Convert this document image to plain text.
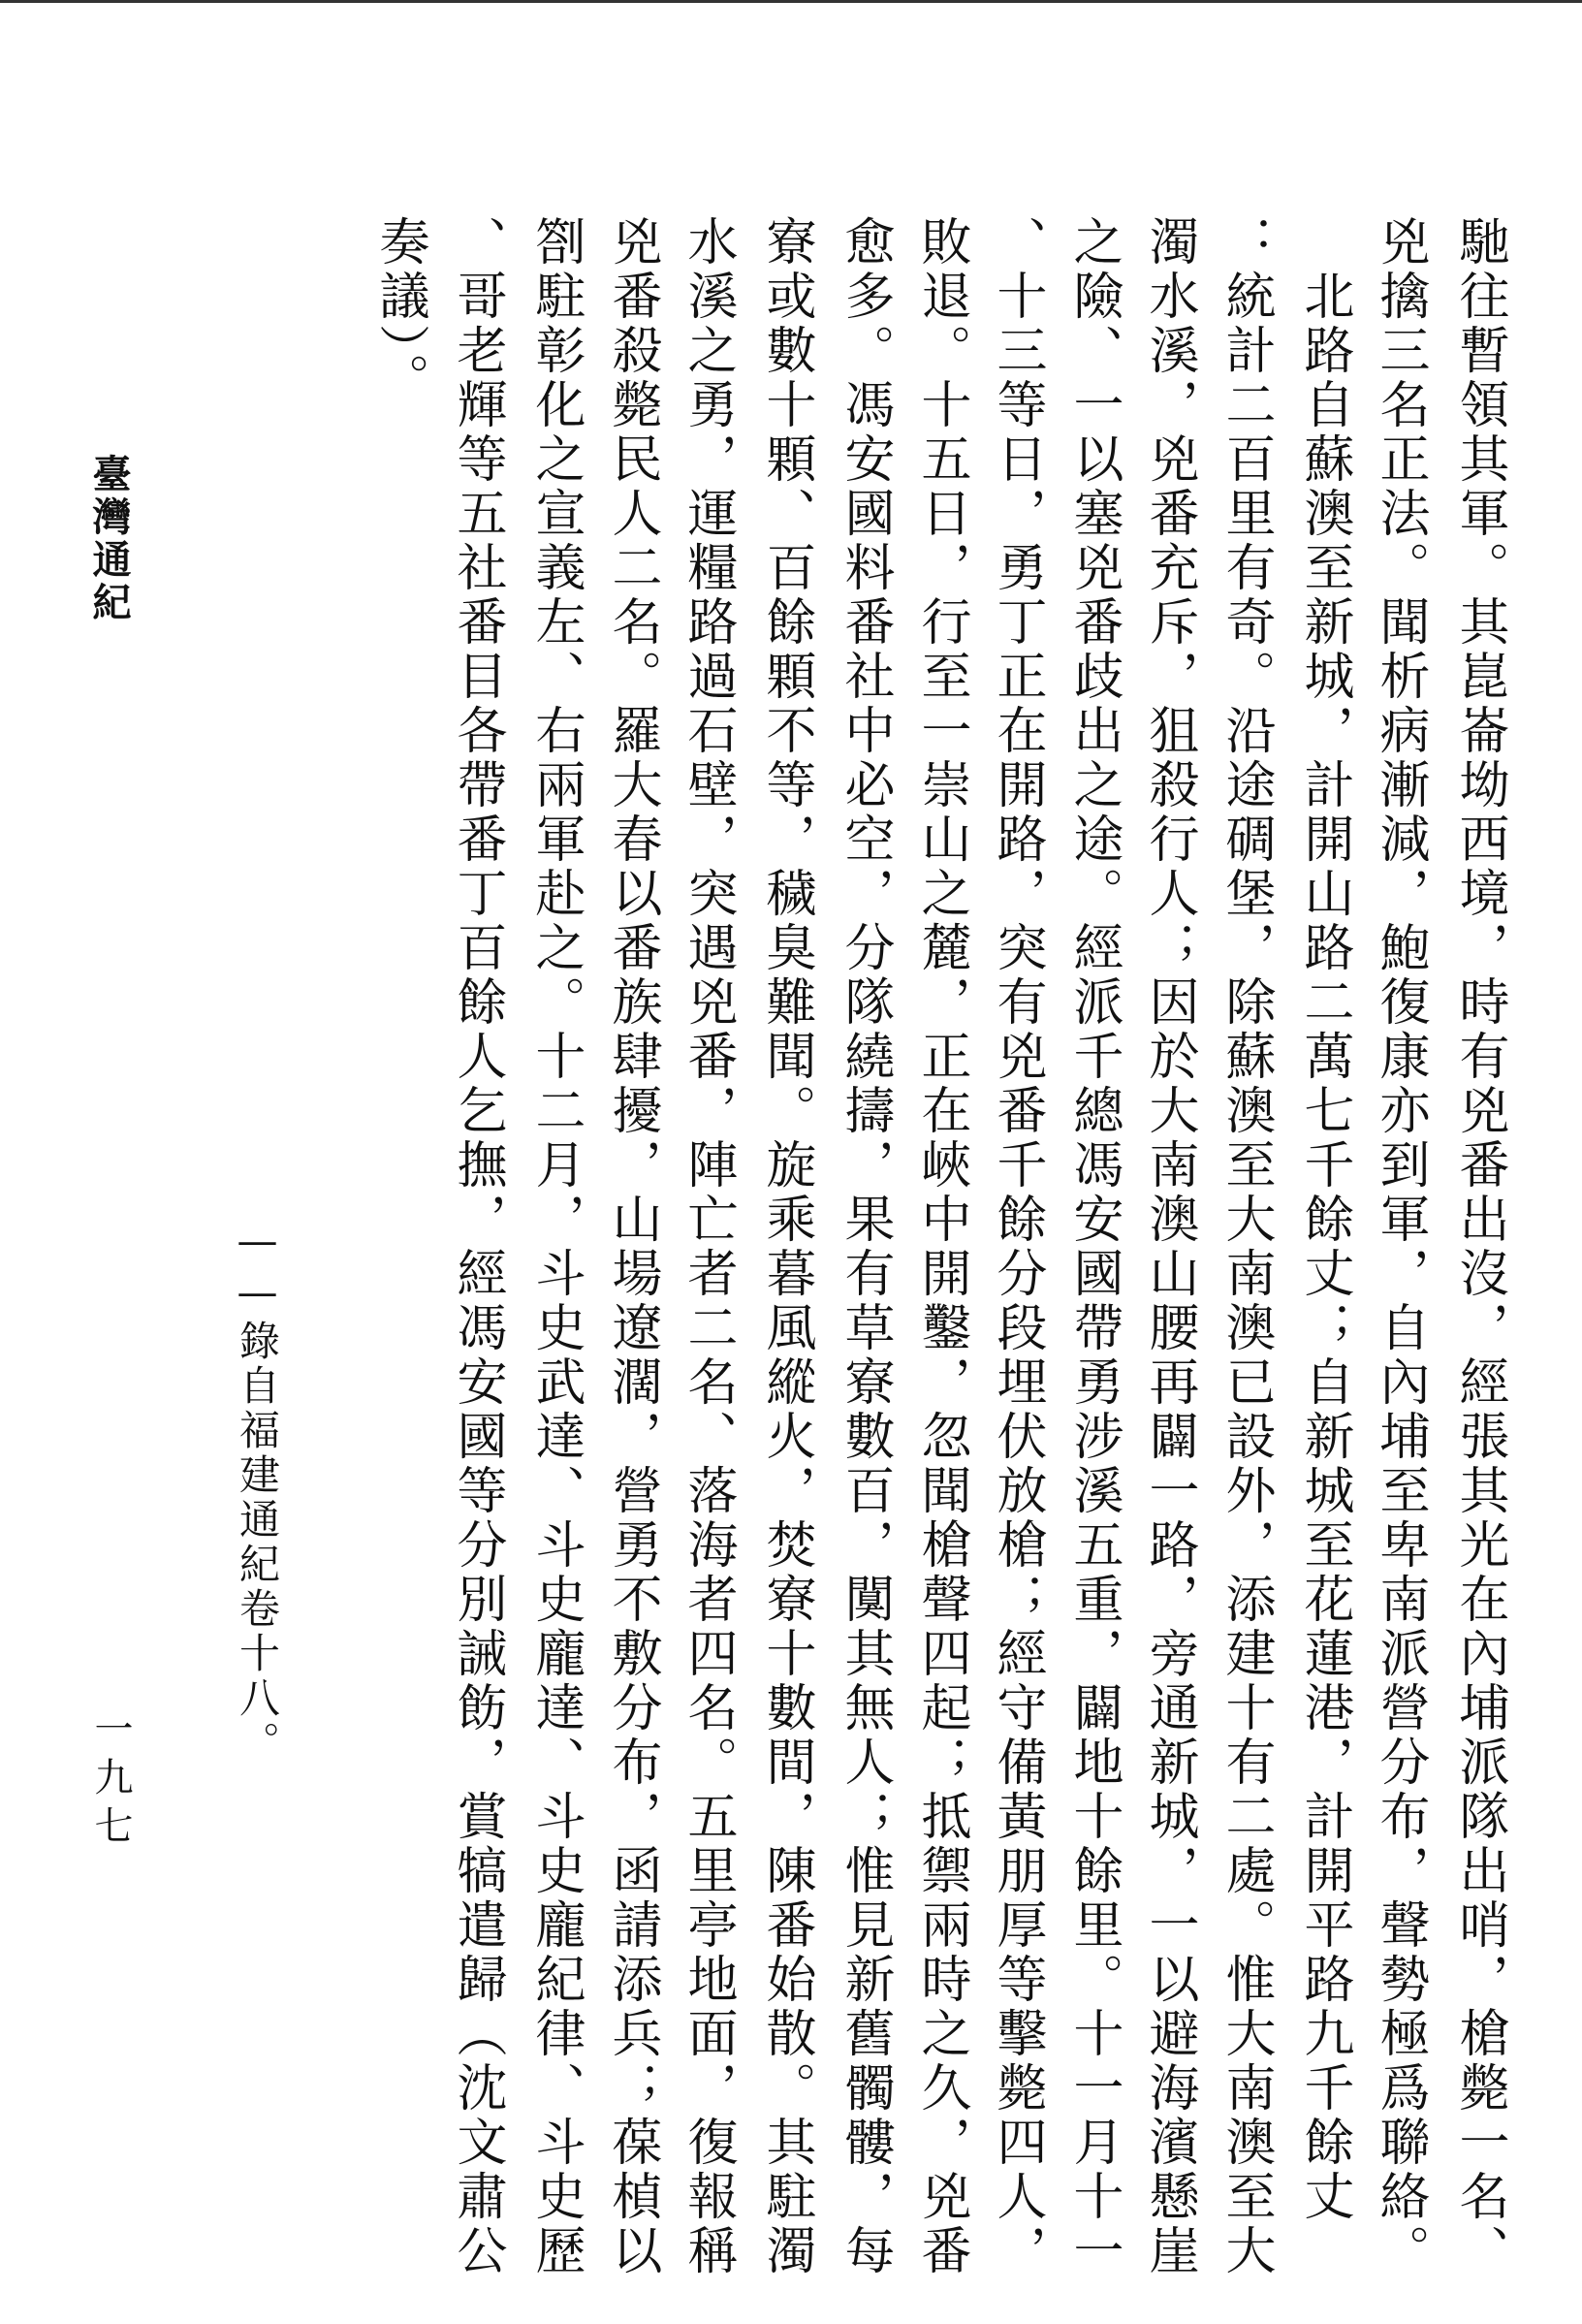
臺灣通紀
一九七	馳往暫領其軍。其崑崙坳西境，時有兇番出沒，經張其光在內埔派隊出哨，槍斃一名、
兇擒三名正法。聞析病漸減，鮑復康亦到軍，自內埔至卑南派營分布，聲勢極爲聯絡。
　北路自蘇澳至新城，計開山路二萬七千餘丈；自新城至花蓮港，計開平路九千餘丈
：統計二百里有奇。沿途碉堡，除蘇澳至大南澳已設外，添建十有二處。惟大南澳至大
濁水溪，兇番充斥，狙殺行人；因於大南澳山腰再闢一路，旁通新城，一以避海濱懸崖
之險、一以塞兇番歧出之途。經派千總馮安國帶勇涉溪五重，闢地十餘里。十一月十一
、十三等日，勇丁正在開路，突有兇番千餘分段埋伏放槍；經守備黃朋厚等擊斃四人，
敗退。十五日，行至一崇山之麓，正在峽中開鑿，忽聞槍聲四起；抵禦兩時之久，兇番
愈多。馮安國料番社中必空，分隊繞擣，果有草寮數百，闃其無人；惟見新舊髑髏，每
寮或數十顆、百餘顆不等，穢臭難聞。旋乘暮風縱火，焚寮十數間，陳番始散。其駐濁
水溪之勇，運糧路過石壁，突遇兇番，陣亡者二名、落海者四名。五里亭地面，復報稱
兇番殺斃民人二名。羅大春以番族肆擾，山場遼濶，營勇不敷分布，函請添兵；葆楨以
劄駐彰化之宣義左、右兩軍赴之。十二月，斗史武達、斗史龐達、斗史龐紀律、斗史歷
、哥老輝等五社番目各帶番丁百餘人乞撫，經馮安國等分別誡飭，賞犒遣歸（沈文肅公
奏議）。
——錄自福建通紀卷十八。
